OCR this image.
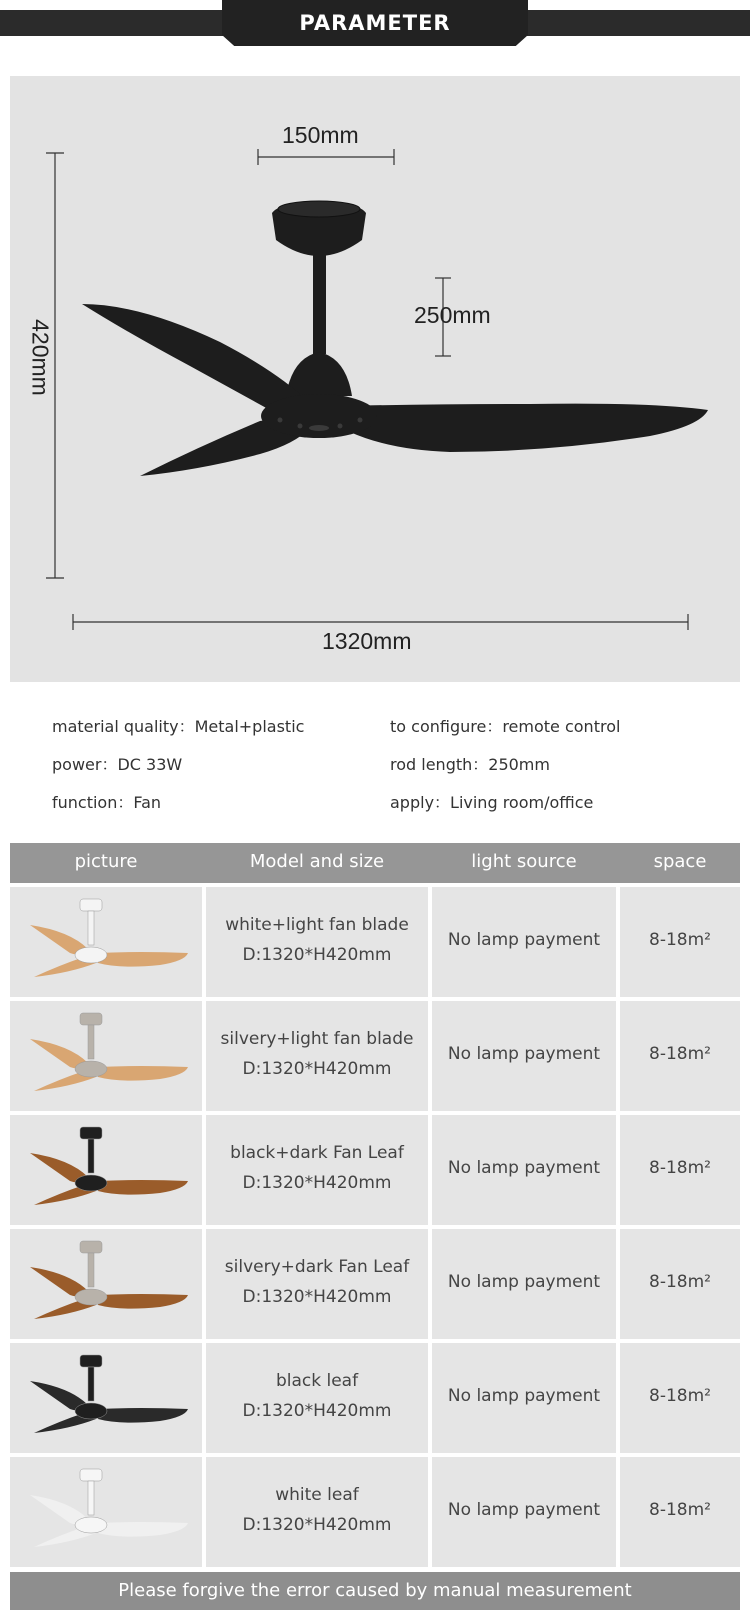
PARAMETER
150mm
250mm
420mm
1320mm
material quality：Metal+plastic	to configure：remote control
power：DC 33W	rod length：250mm
function：Fan	apply：Living room/office
picture	Model and size	light source	space
white+light fan blade
D:1320*H420mm
No lamp payment	8-18m²
silvery+light fan blade
D:1320*H420mm
No lamp payment	8-18m²
black+dark Fan Leaf
D:1320*H420mm
No lamp payment	8-18m²
silvery+dark Fan Leaf
D:1320*H420mm
No lamp payment	8-18m²
black leaf
D:1320*H420mm
No lamp payment	8-18m²
white leaf
D:1320*H420mm
No lamp payment	8-18m²
Please forgive the error caused by manual measurement
